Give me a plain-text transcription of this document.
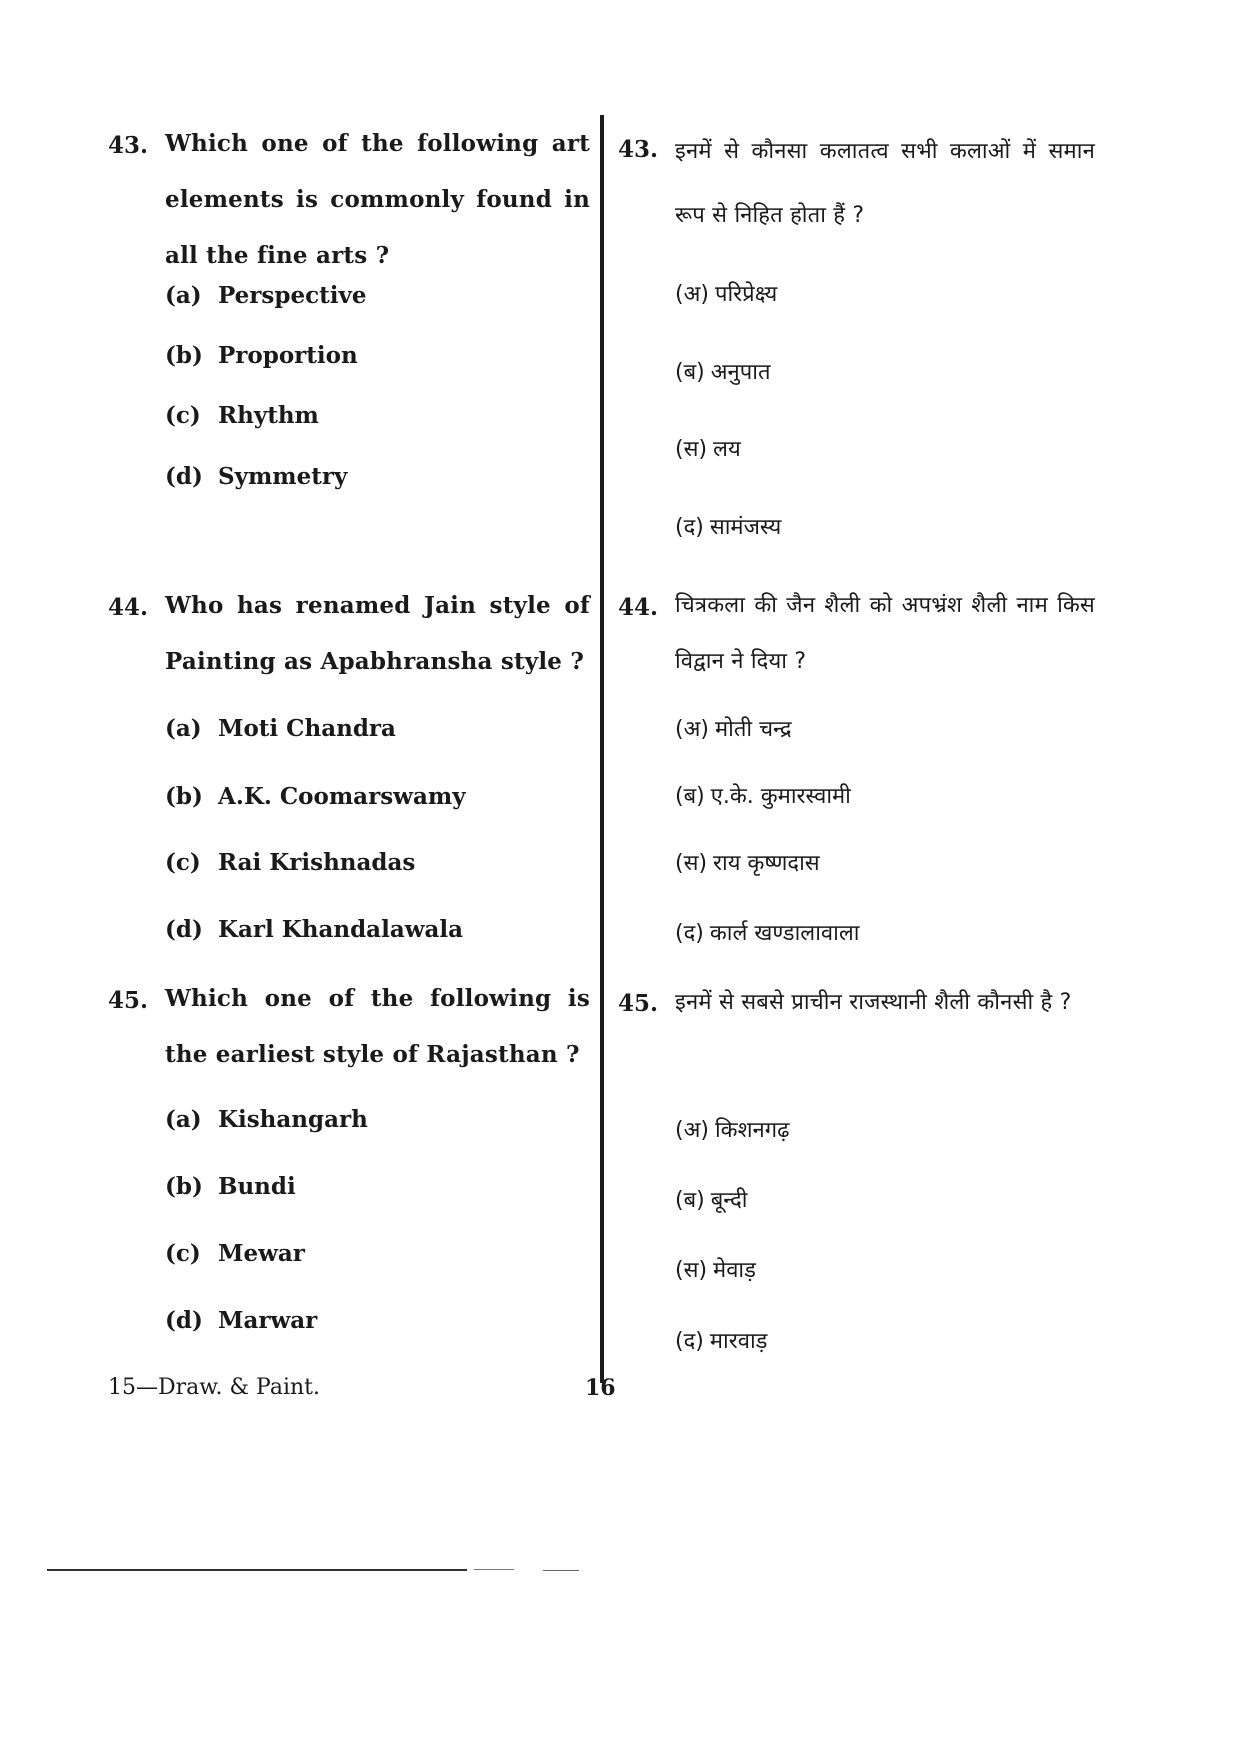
43. Which one of the following art elements is commonly found in all the fine arts ?
(a) Perspective
(b) Proportion
(c) Rhythm
(d) Symmetry
44. Who has renamed Jain style of Painting as Apabhransha style ?
(a) Moti Chandra
(b) A.K. Coomarswamy
(c) Rai Krishnadas
(d) Karl Khandalawala
45. Which one of the following is the earliest style of Rajasthan ?
(a) Kishangarh
(b) Bundi
(c) Mewar
(d) Marwar
43. इनमें से कौनसा कलातत्व सभी कलाओं में समान रूप से निहित होता हैं ?
(अ) परिप्रेक्ष्य
(ब) अनुपात
(स) लय
(द) सामंजस्य
44. चित्रकला की जैन शैली को अपभ्रंश शैली नाम किस विद्वान ने दिया ?
(अ) मोती चन्द्र
(ब) ए.के. कुमारस्वामी
(स) राय कृष्णदास
(द) कार्ल खण्डालावाला
45. इनमें से सबसे प्राचीन राजस्थानी शैली कौनसी है ?
(अ) किशनगढ़
(ब) बून्दी
(स) मेवाड़
(द) मारवाड़
15—Draw. & Paint.	16
